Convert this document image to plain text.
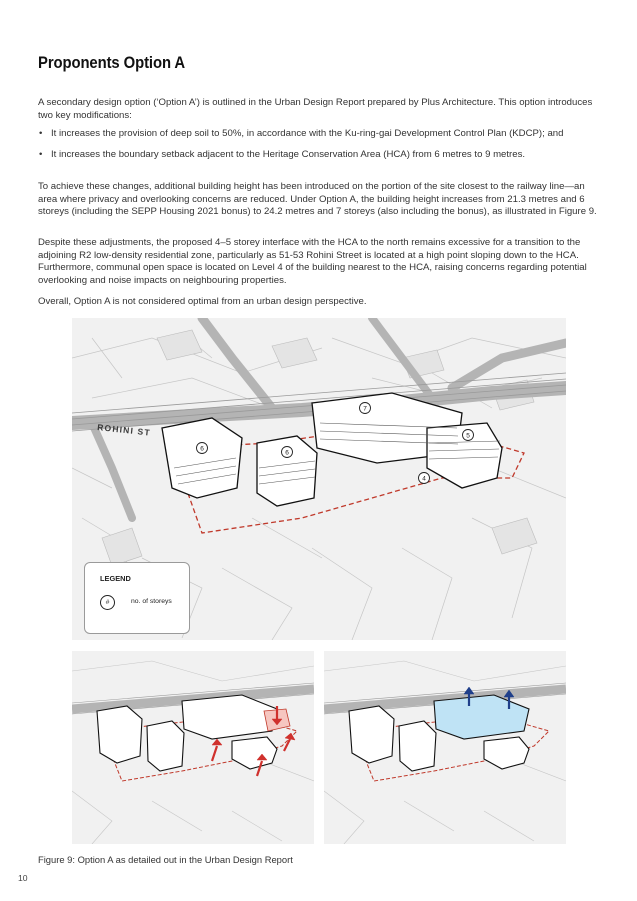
Proponents Option A

A secondary design option (‘Option A’) is outlined in the Urban Design Report prepared by Plus Architecture. This option introduces two key modifications:

• It increases the provision of deep soil to 50%, in accordance with the Ku-ring-gai Development Control Plan (KDCP); and
• It increases the boundary setback adjacent to the Heritage Conservation Area (HCA) from 6 metres to 9 metres.

To achieve these changes, additional building height has been introduced on the portion of the site closest to the railway line—an area where privacy and overlooking concerns are reduced. Under Option A, the building height increases from 21.3 metres and 6 storeys (including the SEPP Housing 2021 bonus) to 24.2 metres and 7 storeys (also including the bonus), as illustrated in Figure 9.

Despite these adjustments, the proposed 4–5 storey interface with the HCA to the north remains excessive for a transition to the adjoining R2 low-density residential zone, particularly as 51-53 Rohini Street is located at a high point sloping down to the HCA. Furthermore, communal open space is located on Level 4 of the building nearest to the HCA, raising concerns regarding potential overlooking and noise impacts on neighbouring properties.

Overall, Option A is not considered optimal from an urban design perspective.

ROHINI ST
6
6
7
5
4
LEGEND
#	no. of storeys
Figure 9: Option A as detailed out in the Urban Design Report
10
